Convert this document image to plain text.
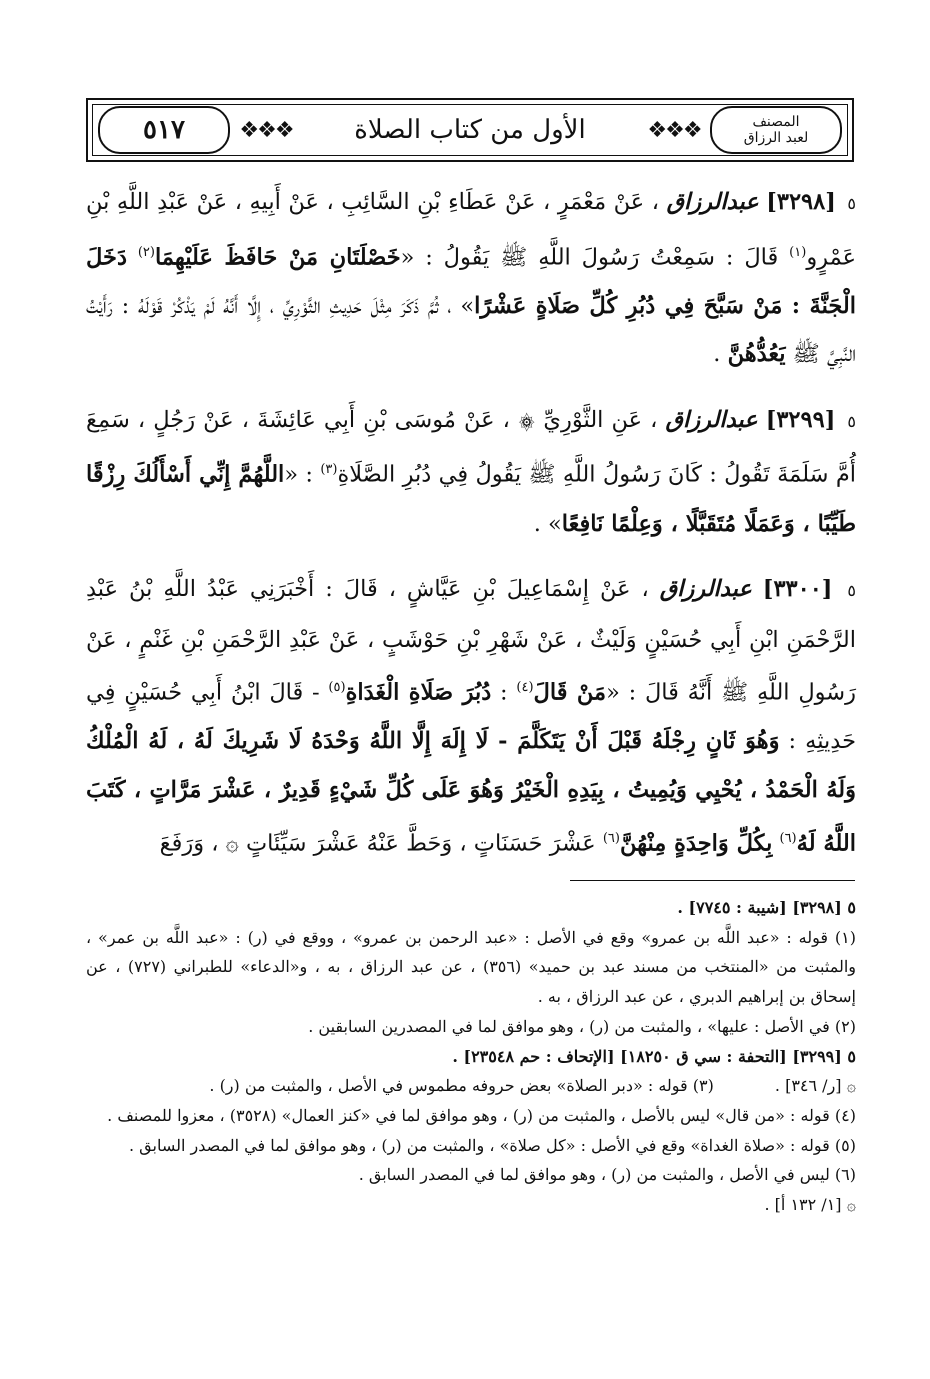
٥١٧ ❖❖❖	الأول من كتاب الصلاة	❖❖❖	المصنف
لعبد الرزاق

٥ [٣٢٩٨] عبدالرزاق ، عَنْ مَعْمَرٍ ، عَنْ عَطَاءِ بْنِ السَّائِبِ ، عَنْ أَبِيهِ ، عَنْ عَبْدِ اللَّهِ بْنِ عَمْرٍو$^{(١)}$ قَالَ : سَمِعْتُ رَسُولَ اللَّهِ ﷺ يَقُولُ : «خَصْلَتَانِ مَنْ حَافَظَ عَلَيْهِمَا$^{(٢)}$ دَخَلَ الْجَنَّةَ : مَنْ سَبَّحَ فِي دُبُرِ كُلِّ صَلَاةٍ عَشْرًا» ، ثُمَّ ذَكَرَ مِثْلَ حَدِيثِ الثَّوْرِيِّ ، إِلَّا أَنَّهُ لَمْ يَذْكُرْ قَوْلَهُ : رَأَيْتُ النَّبِيَّ ﷺ يَعُدُّهُنَّ .

٥ [٣٢٩٩] عبدالرزاق ، عَنِ الثَّوْرِيِّ ۞ ، عَنْ مُوسَى بْنِ أَبِي عَائِشَةَ ، عَنْ رَجُلٍ ، سَمِعَ أُمَّ سَلَمَةَ تَقُولُ : كَانَ رَسُولُ اللَّهِ ﷺ يَقُولُ فِي دُبُرِ الصَّلَاةِ$^{(٣)}$ : «اللَّهُمَّ إِنِّي أَسْأَلُكَ رِزْقًا طَيِّبًا ، وَعَمَلًا مُتَقَبَّلًا ، وَعِلْمًا نَافِعًا» .

٥ [٣٣٠٠] عبدالرزاق ، عَنْ إِسْمَاعِيلَ بْنِ عَيَّاشٍ ، قَالَ : أَخْبَرَنِي عَبْدُ اللَّهِ بْنُ عَبْدِ الرَّحْمَنِ ابْنِ أَبِي حُسَيْنٍ وَلَيْثٌ ، عَنْ شَهْرِ بْنِ حَوْشَبٍ ، عَنْ عَبْدِ الرَّحْمَنِ بْنِ غَنْمٍ ، عَنْ رَسُولِ اللَّهِ ﷺ أَنَّهُ قَالَ : «مَنْ قَالَ$^{(٤)}$ : دُبُرَ صَلَاةِ الْغَدَاةِ$^{(٥)}$ - قَالَ ابْنُ أَبِي حُسَيْنٍ فِي حَدِيثِهِ : وَهُوَ ثَانٍ رِجْلَهُ قَبْلَ أَنْ يَتَكَلَّمَ - لَا إِلَهَ إِلَّا اللَّهُ وَحْدَهُ لَا شَرِيكَ لَهُ ، لَهُ الْمُلْكُ وَلَهُ الْحَمْدُ ، يُحْيِي وَيُمِيتُ ، بِيَدِهِ الْخَيْرُ وَهُوَ عَلَى كُلِّ شَيْءٍ قَدِيرٌ ، عَشْرَ مَرَّاتٍ ، كَتَبَ اللَّهُ لَهُ$^{(٦)}$ بِكُلِّ وَاحِدَةٍ مِنْهُنَّ$^{(٦)}$ عَشْرَ حَسَنَاتٍ ، وَحَطَّ عَنْهُ عَشْرَ سَيِّئَاتٍ ۞ ، وَرَفَعَ

٥ [٣٢٩٨] [شيبة : ٧٧٤٥] .

(١) قوله : «عبد اللَّه بن عمرو» وقع في الأصل : «عبد الرحمن بن عمرو» ، ووقع في (ر) : «عبد اللَّه بن عمر» ، والمثبت من «المنتخب من مسند عبد بن حميد» (٣٥٦) ، عن عبد الرزاق ، به ، و«الدعاء» للطبراني (٧٢٧) ، عن إسحاق بن إبراهيم الدبري ، عن عبد الرزاق ، به .

(٢) في الأصل : عليها» ، والمثبت من (ر) ، وهو موافق لما في المصدرين السابقين .

٥ [٣٢٩٩] [التحفة : سي ق ١٨٢٥٠] [الإتحاف : حم ٢٣٥٤٨] .

۞ [ر/ ٣٤٦] .            (٣) قوله : «دبر الصلاة» بعض حروفه مطموس في الأصل ، والمثبت من (ر) .

(٤) قوله : «من قال» ليس بالأصل ، والمثبت من (ر) ، وهو موافق لما في «كنز العمال» (٣٥٢٨) ، معزوا للمصنف .

(٥) قوله : «صلاة الغداة» وقع في الأصل : «كل صلاة» ، والمثبت من (ر) ، وهو موافق لما في المصدر السابق .

(٦) ليس في الأصل ، والمثبت من (ر) ، وهو موافق لما في المصدر السابق .

۞ [١/ ١٣٢ أ] .
